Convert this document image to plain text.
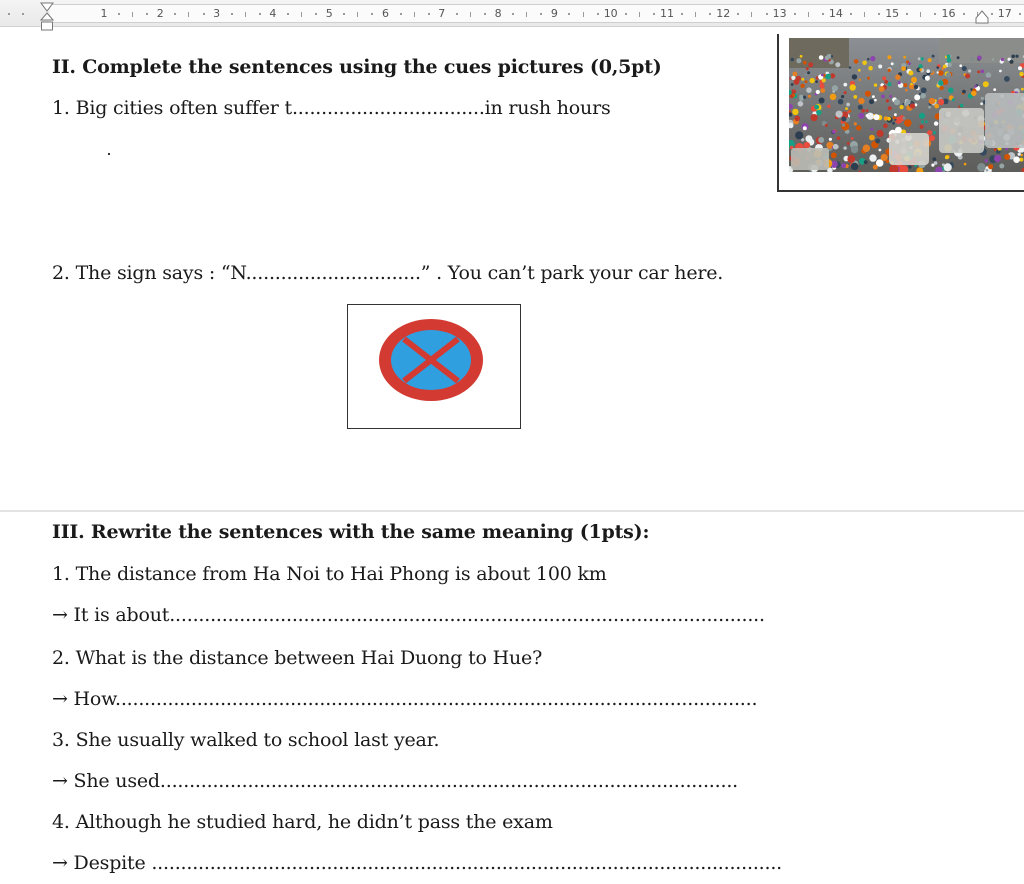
1	2	3	4	5	6	7	8	9	10	11	12	13	14	15	16	17
II. Complete the sentences using the cues pictures (0,5pt)
1. Big cities often suffer t.................................in rush hours
2. The sign says : “N..............................” . You can’t park your car here.
III. Rewrite the sentences with the same meaning (1pts):
1. The distance from Ha Noi to Hai Phong is about 100 km
→ It is about......................................................................................................
2. What is the distance between Hai Duong to Hue?
→ How..............................................................................................................
3. She usually walked to school last year.
→ She used...................................................................................................
4. Although he studied hard, he didn’t pass the exam
→ Despite ............................................................................................................
